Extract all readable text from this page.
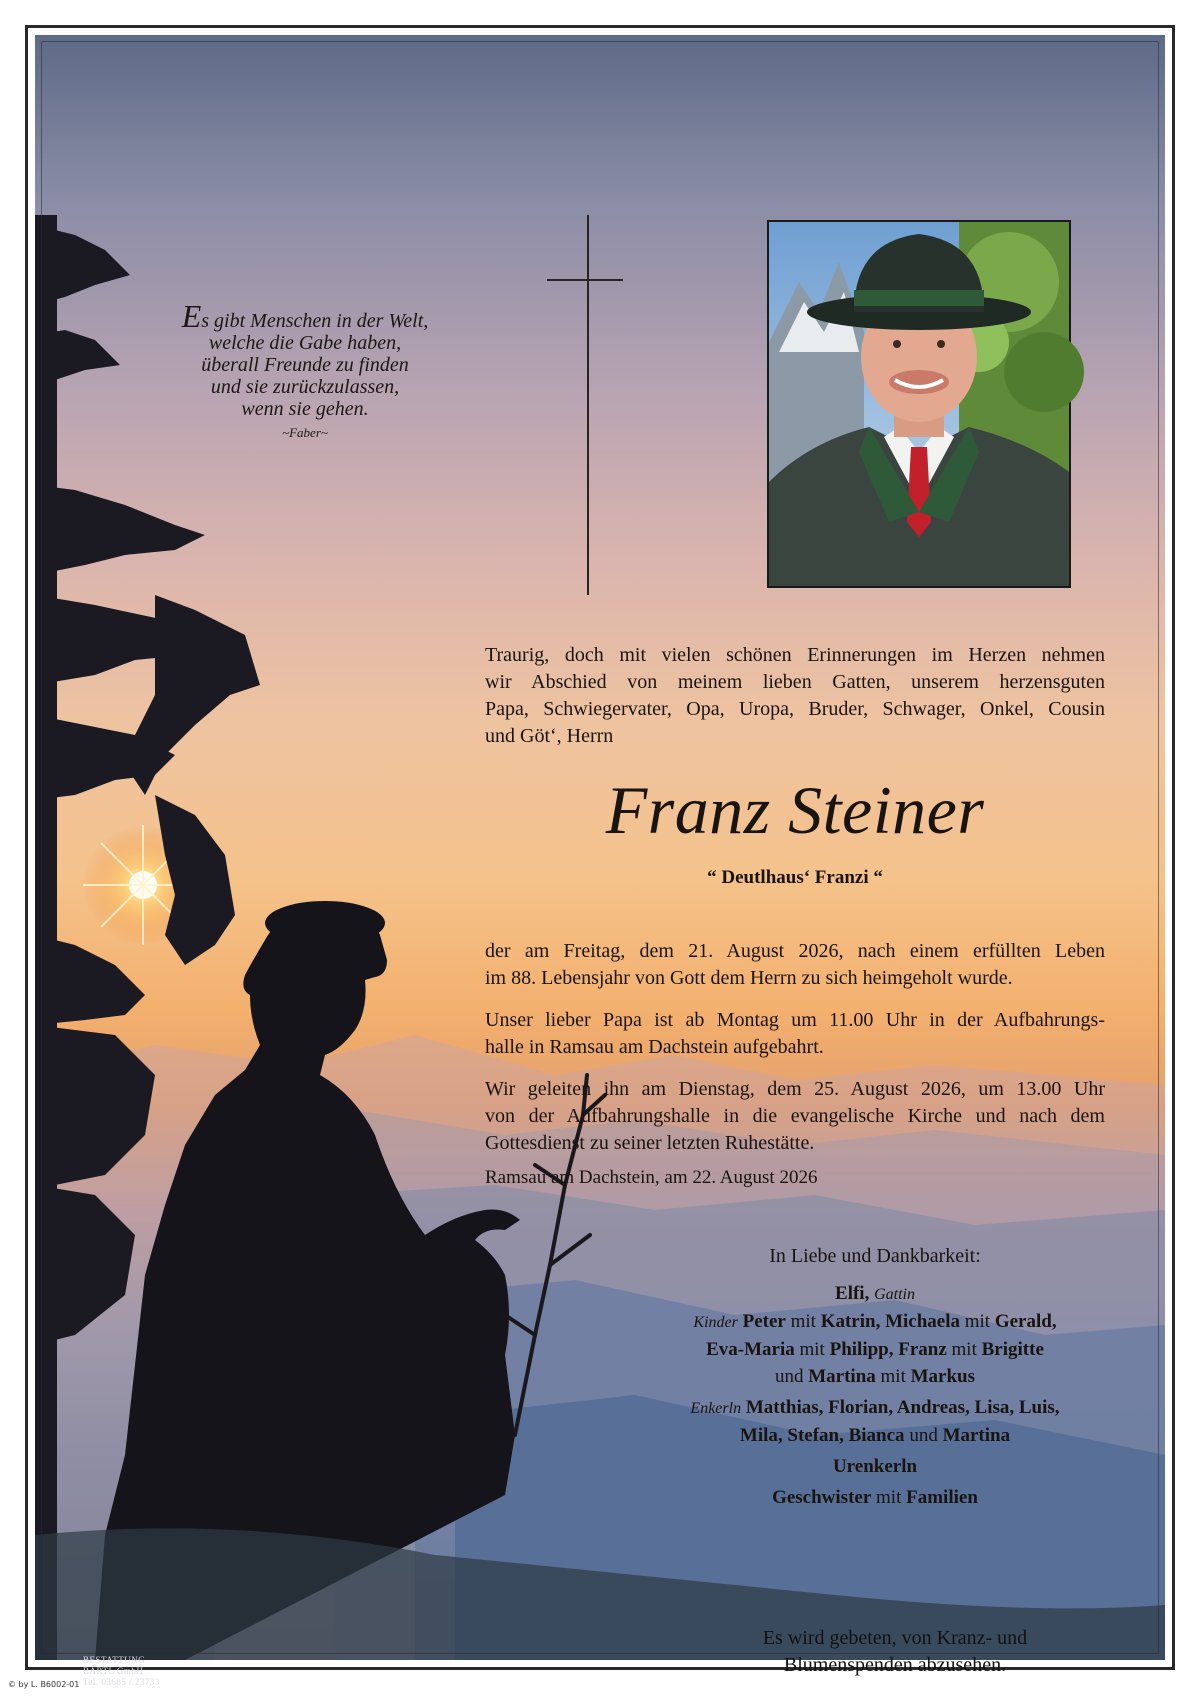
Es gibt Menschen in der Welt,
welche die Gabe haben,
überall Freunde zu finden
und sie zurückzulassen,
wenn sie gehen.
~Faber~
Traurig, doch mit vielen schönen Erinnerungen im Herzen nehmen
wir Abschied von meinem lieben Gatten, unserem herzensguten
Papa, Schwiegervater, Opa, Uropa, Bruder, Schwager, Onkel, Cousin
und Göt‘, Herrn
Franz Steiner
“ Deutlhaus‘ Franzi “
der am Freitag, dem 21. August 2026, nach einem erfüllten Leben
im 88. Lebensjahr von Gott dem Herrn zu sich heimgeholt wurde.
Unser lieber Papa ist ab Montag um 11.00 Uhr in der Aufbahrungs-
halle in Ramsau am Dachstein aufgebahrt.
Wir geleiten ihn am Dienstag, dem 25. August 2026, um 13.00 Uhr
von der Aufbahrungshalle in die evangelische Kirche und nach dem
Gottesdienst zu seiner letzten Ruhestätte.
Ramsau am Dachstein, am 22. August 2026
In Liebe und Dankbarkeit:
Elfi, Gattin
Kinder Peter mit Katrin, Michaela mit Gerald,
Eva-Maria mit Philipp, Franz mit Brigitte
und Martina mit Markus
Enkerln Matthias, Florian, Andreas, Lisa, Luis,
Mila, Stefan, Bianca und Martina
Urenkerln
Geschwister mit Familien
Es wird gebeten, von Kranz- und
Blumenspenden abzusehen.
BESTATTUNG
BARTL GmbH
Tel. 03685 / 23733
© by L. B6002-01
